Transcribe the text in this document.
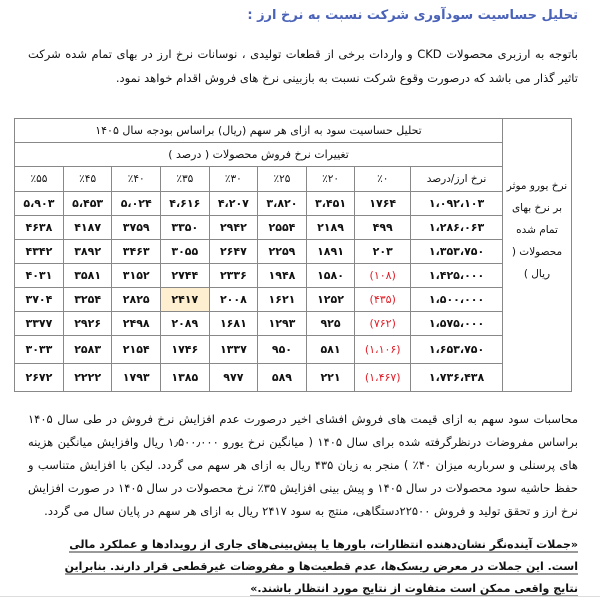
تحلیل حساسیت سودآوری شرکت نسبت به نرخ ارز :
باتوجه به ارزبری محصولات CKD و واردات برخی از قطعات تولیدی ، نوسانات نرخ ارز در بهای تمام شده شرکت تاثیر گذار می باشد که درصورت وقوع شرکت نسبت به بازبینی نرخ های فروش اقدام خواهد نمود.
	تحلیل حساسیت سود به ازای هر سهم (ریال) براساس بودجه سال ۱۴۰۵								
	تغییرات نرخ فروش محصولات ( درصد )								
نرخ یورو موثر بر نرخ بهای تمام شده محصولات ( ریال )	نرخ ارز/درصد	٪۰	٪۲۰	٪۲۵	٪۳۰	٪۳۵	٪۴۰	٪۴۵	٪۵۵
	۱،۰۹۲،۱۰۳	۱۷۶۴	۳،۴۵۱	۳،۸۲۰	۴،۲۰۷	۴،۶۱۶	۵،۰۲۴	۵،۴۵۳	۵،۹۰۳
	۱،۲۸۶،۰۶۳	۴۹۹	۲۱۸۹	۲۵۵۴	۲۹۴۲	۳۳۵۰	۳۷۵۹	۴۱۸۷	۴۶۳۸
	۱،۳۵۳،۷۵۰	۲۰۳	۱۸۹۱	۲۲۵۹	۲۶۴۷	۳۰۵۵	۳۴۶۳	۳۸۹۲	۴۳۴۲
	۱،۴۲۵،۰۰۰	(۱۰۸)	۱۵۸۰	۱۹۴۸	۲۳۳۶	۲۷۴۴	۳۱۵۲	۳۵۸۱	۴۰۳۱
	۱،۵۰۰،۰۰۰	(۴۳۵)	۱۲۵۲	۱۶۲۱	۲۰۰۸	۲۴۱۷	۲۸۲۵	۳۲۵۴	۳۷۰۴
	۱،۵۷۵،۰۰۰	(۷۶۲)	۹۲۵	۱۲۹۳	۱۶۸۱	۲۰۸۹	۲۴۹۸	۲۹۲۶	۳۳۷۷
	۱،۶۵۳،۷۵۰	(۱،۱۰۶)	۵۸۱	۹۵۰	۱۳۳۷	۱۷۴۶	۲۱۵۴	۲۵۸۳	۳۰۳۳
	۱،۷۳۶،۴۳۸	(۱،۴۶۷)	۲۲۱	۵۸۹	۹۷۷	۱۳۸۵	۱۷۹۳	۲۲۲۲	۲۶۷۲
محاسبات سود سهم به ازای قیمت های فروش افشای اخیر درصورت عدم افزایش نرخ فروش در طی سال ۱۴۰۵ براساس مفروضات درنظرگرفته شده برای سال ۱۴۰۵ ( میانگین نرخ یورو ۱٫۵۰۰٫۰۰۰ ریال وافزایش میانگین هزینه های پرسنلی و سرباربه میزان ۴۰٪ ) منجر به زیان ۴۳۵ ریال به ازای هر سهم می گردد. لیکن با افزایش متناسب و حفظ حاشیه سود محصولات در سال ۱۴۰۵ و پیش بینی افزایش ۳۵٪ نرخ محصولات در سال ۱۴۰۵ در صورت افزایش نرخ ارز و تحقق تولید و فروش ۲۲۵۰۰دستگاهی، منتج به سود ۲۴۱۷ ریال به ازای هر سهم در پایان سال می گردد.
«جملات آینده‌نگر نشان‌دهنده انتظارات، باورها یا پیش‌بینی‌های جاری از رویدادها و عملکرد مالی است. این جملات در معرض ریسک‌ها، عدم قطعیت‌ها و مفروضات غیرقطعی قرار دارند. بنابراین نتایج واقعی ممکن است متفاوت از نتایج مورد انتظار باشند.»
